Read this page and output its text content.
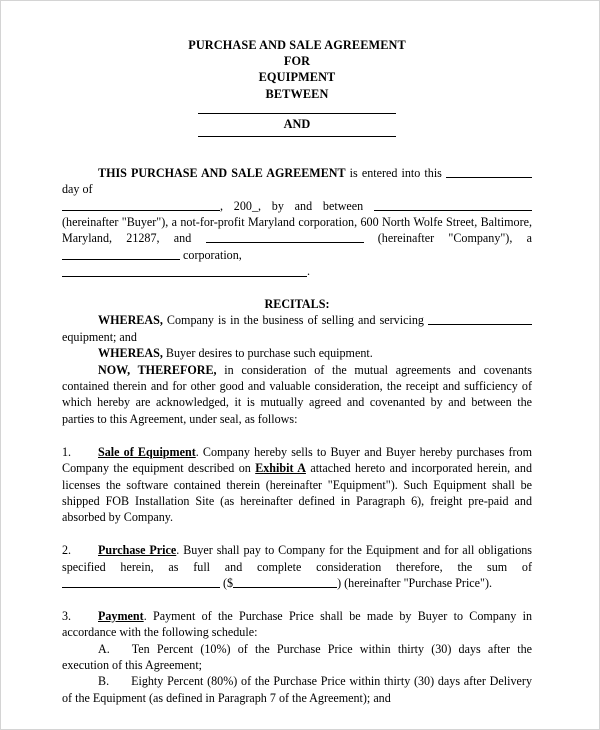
PURCHASE AND SALE AGREEMENT
FOR
EQUIPMENT
BETWEEN
AND

THIS PURCHASE AND SALE AGREEMENT is entered into this  day of
, 200_, by and between  (hereinafter "Buyer"), a not-for-profit Maryland corporation, 600 North Wolfe Street, Baltimore, Maryland, 21287, and	(hereinafter "Company"), a  corporation,
.

RECITALS:

WHEREAS, Company is in the business of selling and servicing  equipment; and

WHEREAS, Buyer desires to purchase such equipment.

NOW, THEREFORE, in consideration of the mutual agreements and covenants contained therein and for other good and valuable consideration, the receipt and sufficiency of which hereby are acknowledged, it is mutually agreed and covenanted by and between the parties to this Agreement, under seal, as follows:

1.	Sale of Equipment. Company hereby sells to Buyer and Buyer hereby purchases from Company the equipment described on Exhibit A attached hereto and incorporated herein, and licenses the software contained therein (hereinafter "Equipment"). Such Equipment shall be shipped FOB Installation Site (as hereinafter defined in Paragraph 6), freight pre-paid and absorbed by Company.
2.	Purchase Price. Buyer shall pay to Company for the Equipment and for all obligations specified herein, as full and complete consideration therefore, the sum of  ($	) (hereinafter "Purchase Price").
3.	Payment. Payment of the Purchase Price shall be made by Buyer to Company in accordance with the following schedule:

A. Ten Percent (10%) of the Purchase Price within thirty (30) days after the execution of this Agreement;

B. Eighty Percent (80%) of the Purchase Price within thirty (30) days after Delivery of the Equipment (as defined in Paragraph 7 of the Agreement); and
